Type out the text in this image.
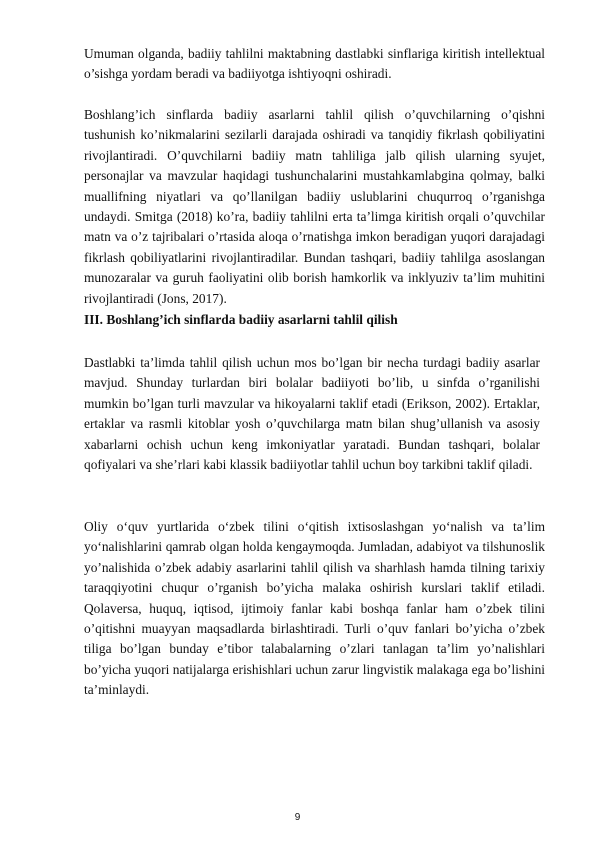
Umuman olganda, badiiy tahlilni maktabning dastlabki sinflariga kiritish intellektual o’sishga yordam beradi va badiiyotga ishtiyoqni oshiradi.

Boshlang’ich sinflarda badiiy asarlarni tahlil qilish o’quvchilarning o’qishni tushunish ko’nikmalarini sezilarli darajada oshiradi va tanqidiy fikrlash qobiliyatini rivojlantiradi. O’quvchilarni badiiy matn tahliliga jalb qilish ularning syujet, personajlar va mavzular haqidagi tushunchalarini mustahkamlabgina qolmay, balki muallifning niyatlari va qo’llanilgan badiiy uslublarini chuqurroq o’rganishga undaydi. Smitga (2018) ko’ra, badiiy tahlilni erta ta’limga kiritish orqali o’quvchilar matn va o’z tajribalari o’rtasida aloqa o’rnatishga imkon beradigan yuqori darajadagi fikrlash qobiliyatlarini rivojlantiradilar. Bundan tashqari, badiiy tahlilga asoslangan munozaralar va guruh faoliyatini olib borish hamkorlik va inklyuziv ta’lim muhitini rivojlantiradi (Jons, 2017).

III. Boshlang’ich sinflarda badiiy asarlarni tahlil qilish

Dastlabki ta’limda tahlil qilish uchun mos bo’lgan bir necha turdagi badiiy asarlar mavjud. Shunday turlardan biri bolalar badiiyoti bo’lib, u sinfda o’rganilishi mumkin bo’lgan turli mavzular va hikoyalarni taklif etadi (Erikson, 2002). Ertaklar, ertaklar va rasmli kitoblar yosh o’quvchilarga matn bilan shug’ullanish va asosiy xabarlarni ochish uchun keng imkoniyatlar yaratadi. Bundan tashqari, bolalar qofiyalari va she’rlari kabi klassik badiiyotlar tahlil uchun boy tarkibni taklif qiladi.

Oliy o‘quv yurtlarida o‘zbek tilini o‘qitish ixtisoslashgan yo‘nalish va ta’lim yo‘nalishlarini qamrab olgan holda kengaymoqda. Jumladan, adabiyot va tilshunoslik yo’nalishida o’zbek adabiy asarlarini tahlil qilish va sharhlash hamda tilning tarixiy taraqqiyotini chuqur o’rganish bo’yicha malaka oshirish kurslari taklif etiladi. Qolaversa, huquq, iqtisod, ijtimoiy fanlar kabi boshqa fanlar ham o’zbek tilini o’qitishni muayyan maqsadlarda birlashtiradi. Turli o’quv fanlari bo’yicha o’zbek tiliga bo’lgan bunday e’tibor talabalarning o’zlari tanlagan ta’lim yo’nalishlari bo’yicha yuqori natijalarga erishishlari uchun zarur lingvistik malakaga ega bo’lishini ta’minlaydi.

9
